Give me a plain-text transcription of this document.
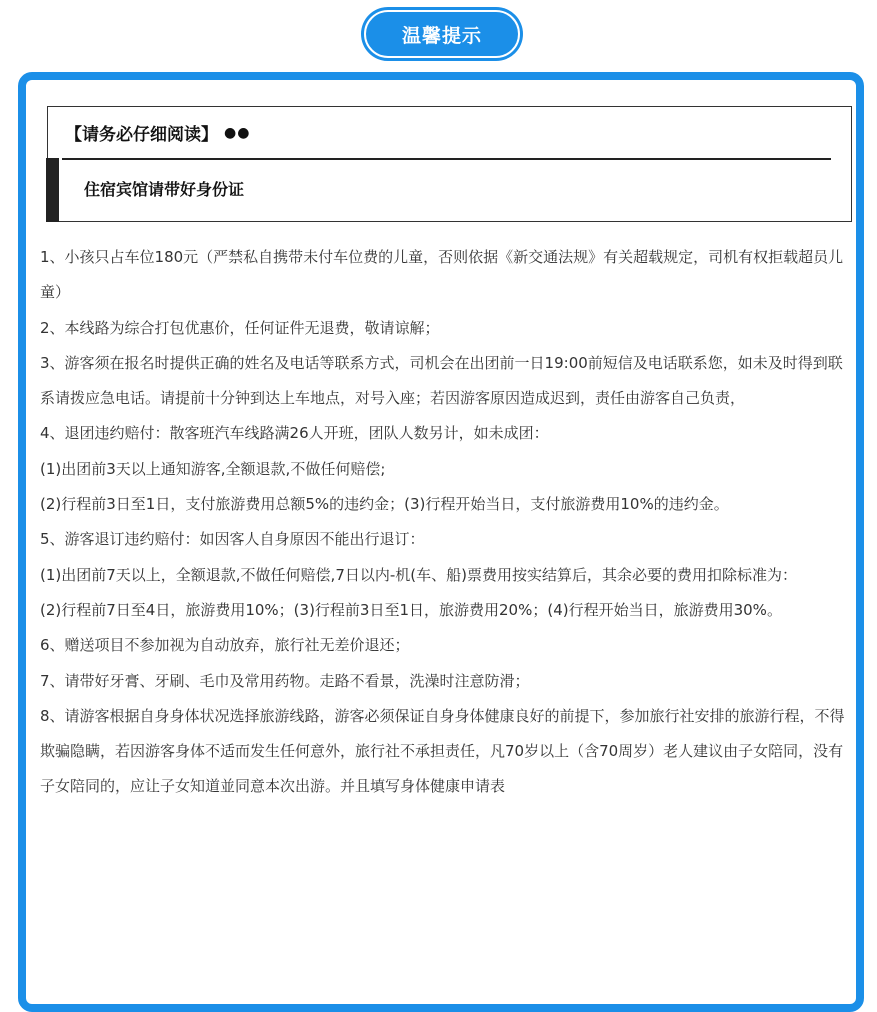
温馨提示
【请务必仔细阅读】 ●●
住宿宾馆请带好身份证

1、小孩只占车位180元（严禁私自携带未付车位费的儿童，否则依据《新交通法规》有关超载规定，司机有权拒载超员儿童）

2、本线路为综合打包优惠价，任何证件无退费，敬请谅解；

3、游客须在报名时提供正确的姓名及电话等联系方式，司机会在出团前一日19:00前短信及电话联系您，如未及时得到联系请拨应急电话。请提前十分钟到达上车地点，对号入座；若因游客原因造成迟到，责任由游客自己负责，

4、退团违约赔付：散客班汽车线路满26人开班，团队人数另计，如未成团：

(1)出团前3天以上通知游客,全额退款,不做任何赔偿;

(2)行程前3日至1日，支付旅游费用总额5%的违约金；(3)行程开始当日，支付旅游费用10%的违约金。

5、游客退订违约赔付：如因客人自身原因不能出行退订：

(1)出团前7天以上，全额退款,不做任何赔偿,7日以内-机(车、船)票费用按实结算后，其余必要的费用扣除标准为：

(2)行程前7日至4日，旅游费用10%；(3)行程前3日至1日，旅游费用20%；(4)行程开始当日，旅游费用30%。

6、赠送项目不参加视为自动放弃，旅行社无差价退还；

7、请带好牙膏、牙刷、毛巾及常用药物。走路不看景，洗澡时注意防滑；

8、请游客根据自身身体状况选择旅游线路，游客必须保证自身身体健康良好的前提下，参加旅行社安排的旅游行程，不得欺骗隐瞒，若因游客身体不适而发生任何意外，旅行社不承担责任，凡70岁以上（含70周岁）老人建议由子女陪同，没有子女陪同的，应让子女知道並同意本次出游。并且填写身体健康申请表
